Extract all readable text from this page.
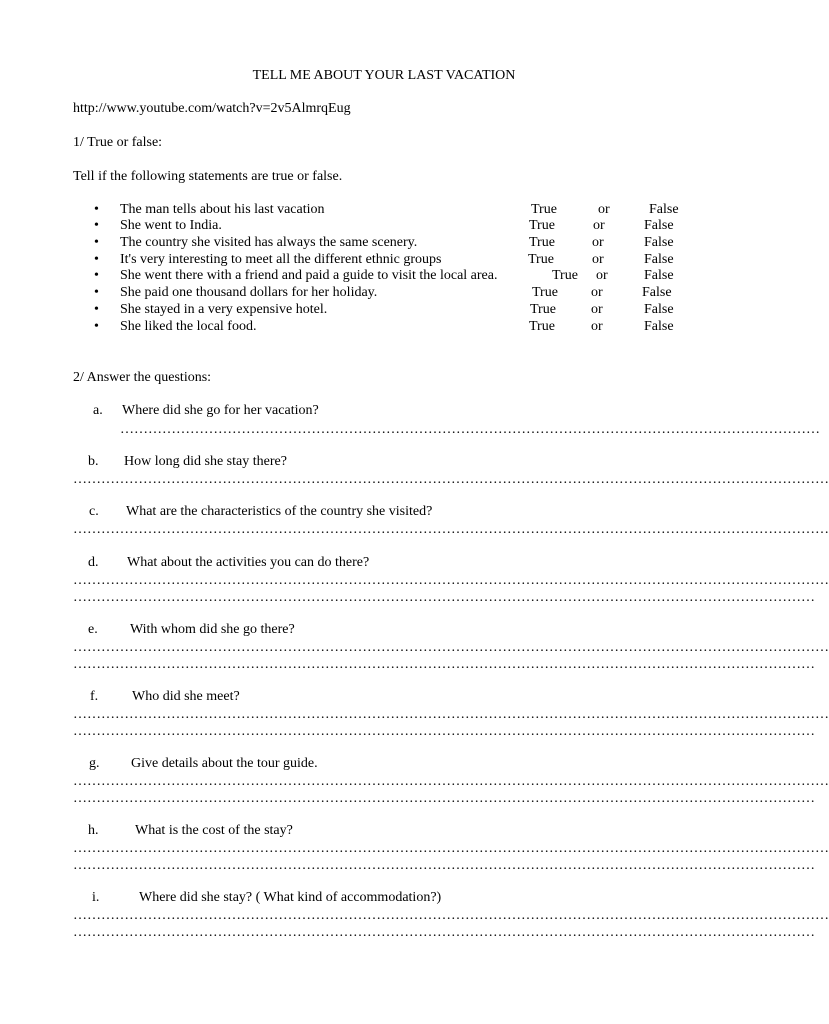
TELL ME ABOUT YOUR LAST VACATION
http://www.youtube.com/watch?v=2v5AlmrqEug
1/ True or false:
Tell if the following statements are true or false.
• The man tells about his last vacation	True	or	False
• She went to India.	True	or	False
• The country she visited has always the same scenery.	True	or	False
• It's very interesting to meet all the different ethnic groups	True	or	False
• She went there with a friend and paid a guide to visit the local area.	True or	False
• She paid one thousand dollars for her holiday.	True or	False
• She stayed in a very expensive hotel.	True	or	False
• She liked the local food.	True	or	False
2/ Answer the questions:
a. Where did she go for her vacation?
……………………………………………………………………………………………………………………………………
b. How long did she stay there?
………………………………………………………………………………………………………………………………………………
c. What are the characteristics of the country she visited?
………………………………………………………………………………………………………………………………………………
d. What about the activities you can do there?
………………………………………………………………………………………………………………………………………………
……………………………………………………………………………………………………………………………………………
e. With whom did she go there?
………………………………………………………………………………………………………………………………………………
……………………………………………………………………………………………………………………………………………
f. Who did she meet?
………………………………………………………………………………………………………………………………………………
……………………………………………………………………………………………………………………………………………
g. Give details about the tour guide.
………………………………………………………………………………………………………………………………………………
……………………………………………………………………………………………………………………………………………
h.	What is the cost of the stay?
………………………………………………………………………………………………………………………………………………
……………………………………………………………………………………………………………………………………………
i.	Where did she stay? ( What kind of accommodation?)
………………………………………………………………………………………………………………………………………………
……………………………………………………………………………………………………………………………………………
